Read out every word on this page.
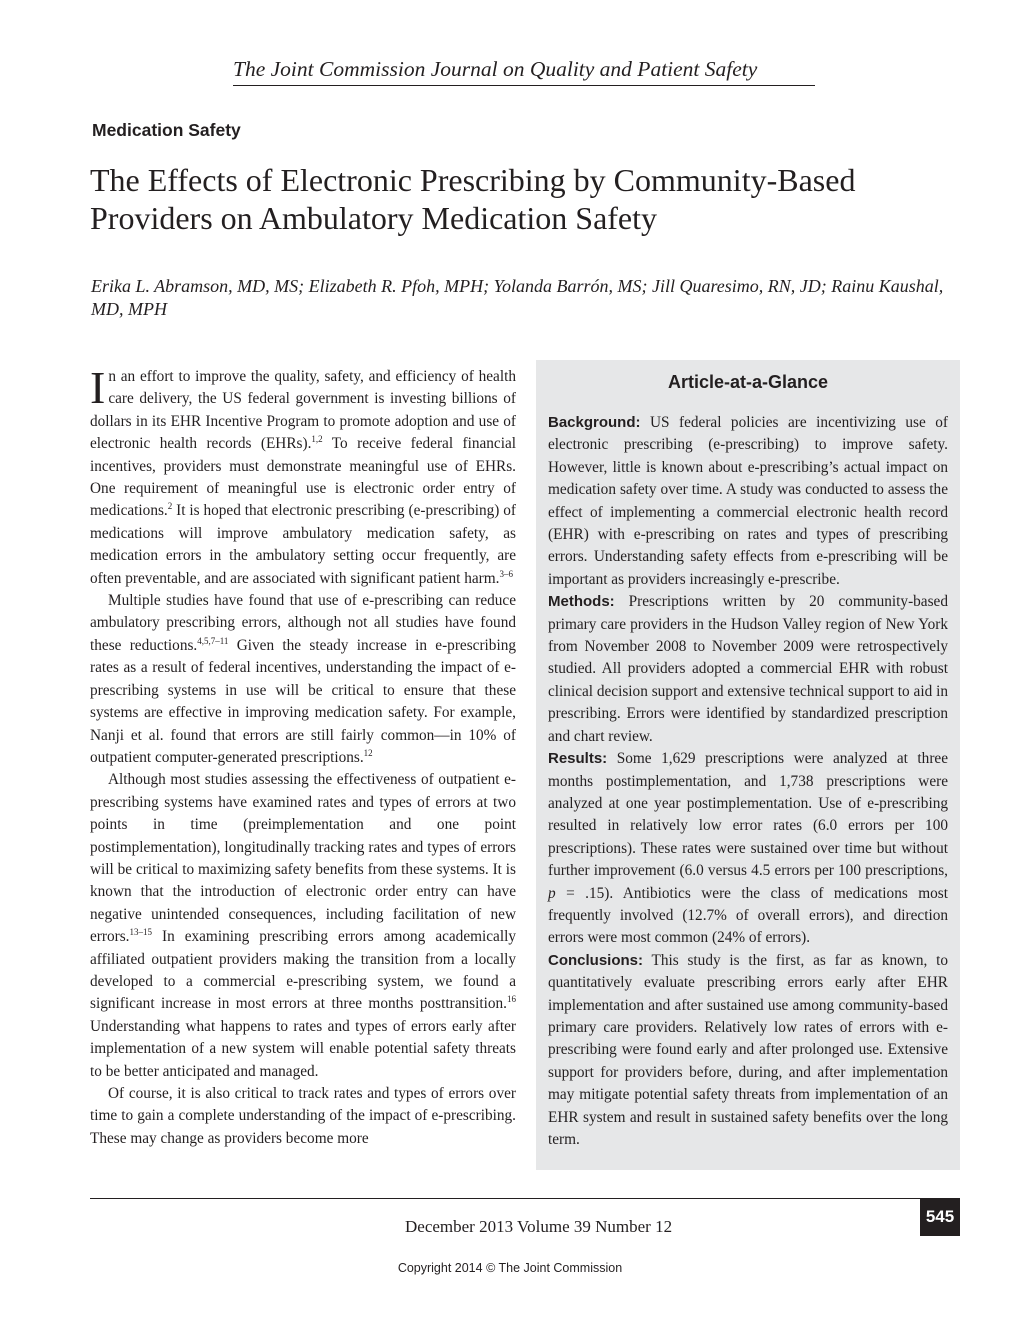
The Joint Commission Journal on Quality and Patient Safety
Medication Safety
The Effects of Electronic Prescribing by Community-Based
Providers on Ambulatory Medication Safety
Erika L. Abramson, MD, MS; Elizabeth R. Pfoh, MPH; Yolanda Barrón, MS; Jill Quaresimo, RN, JD; Rainu Kaushal, MD, MPH

In an effort to improve the quality, safety, and efficiency of health care delivery, the US federal government is investing billions of dollars in its EHR Incentive Program to promote adoption and use of electronic health records (EHRs).$^{1,2}$ To receive federal financial incentives, providers must demonstrate meaningful use of EHRs. One requirement of meaningful use is electronic order entry of medications.$^2$ It is hoped that electronic prescribing (e-prescribing) of medications will improve ambulatory medication safety, as medication errors in the ambulatory setting occur frequently, are often preventable, and are associated with significant patient harm.$^{3-6}$

Multiple studies have found that use of e-prescribing can reduce ambulatory prescribing errors, although not all studies have found these reductions.$^{4,5,7-11}$ Given the steady increase in e-prescribing rates as a result of federal incentives, understanding the impact of e-prescribing systems in use will be critical to ensure that these systems are effective in improving medication safety. For example, Nanji et al. found that errors are still fairly common—in 10% of outpatient computer-generated prescriptions.$^{12}$

Although most studies assessing the effectiveness of outpatient e-prescribing systems have examined rates and types of errors at two points in time (preimplementation and one point postimplementation), longitudinally tracking rates and types of errors will be critical to maximizing safety benefits from these systems. It is known that the introduction of electronic order entry can have negative unintended consequences, including facilitation of new errors.$^{13-15}$ In examining prescribing errors among academically affiliated outpatient providers making the transition from a locally developed to a commercial e-prescribing system, we found a significant increase in most errors at three months posttransition.$^{16}$ Understanding what happens to rates and types of errors early after implementation of a new system will enable potential safety threats to be better anticipated and managed.

Of course, it is also critical to track rates and types of errors over time to gain a complete understanding of the impact of e-prescribing. These may change as providers become more

Article-at-a-Glance

Background: US federal policies are incentivizing use of electronic prescribing (e-prescribing) to improve safety. However, little is known about e-prescribing’s actual impact on medication safety over time. A study was conducted to assess the effect of implementing a commercial electronic health record (EHR) with e-prescribing on rates and types of prescribing errors. Understanding safety effects from e-prescribing will be important as providers increasingly e-prescribe.

Methods: Prescriptions written by 20 community-based primary care providers in the Hudson Valley region of New York from November 2008 to November 2009 were retrospectively studied. All providers adopted a commercial EHR with robust clinical decision support and extensive technical support to aid in prescribing. Errors were identified by standardized prescription and chart review.

Results: Some 1,629 prescriptions were analyzed at three months postimplementation, and 1,738 prescriptions were analyzed at one year postimplementation. Use of e-prescribing resulted in relatively low error rates (6.0 errors per 100 prescriptions). These rates were sustained over time but without further improvement (6.0 versus 4.5 errors per 100 prescriptions, p = .15). Antibiotics were the class of medications most frequently involved (12.7% of overall errors), and direction errors were most common (24% of errors).

Conclusions: This study is the first, as far as known, to quantitatively evaluate prescribing errors early after EHR implementation and after sustained use among community-based primary care providers. Relatively low rates of errors with e-prescribing were found early and after prolonged use. Extensive support for providers before, during, and after implementation may mitigate potential safety threats from implementation of an EHR system and result in sustained safety benefits over the long term.

December 2013 Volume 39 Number 12
545
Copyright 2014 © The Joint Commission
